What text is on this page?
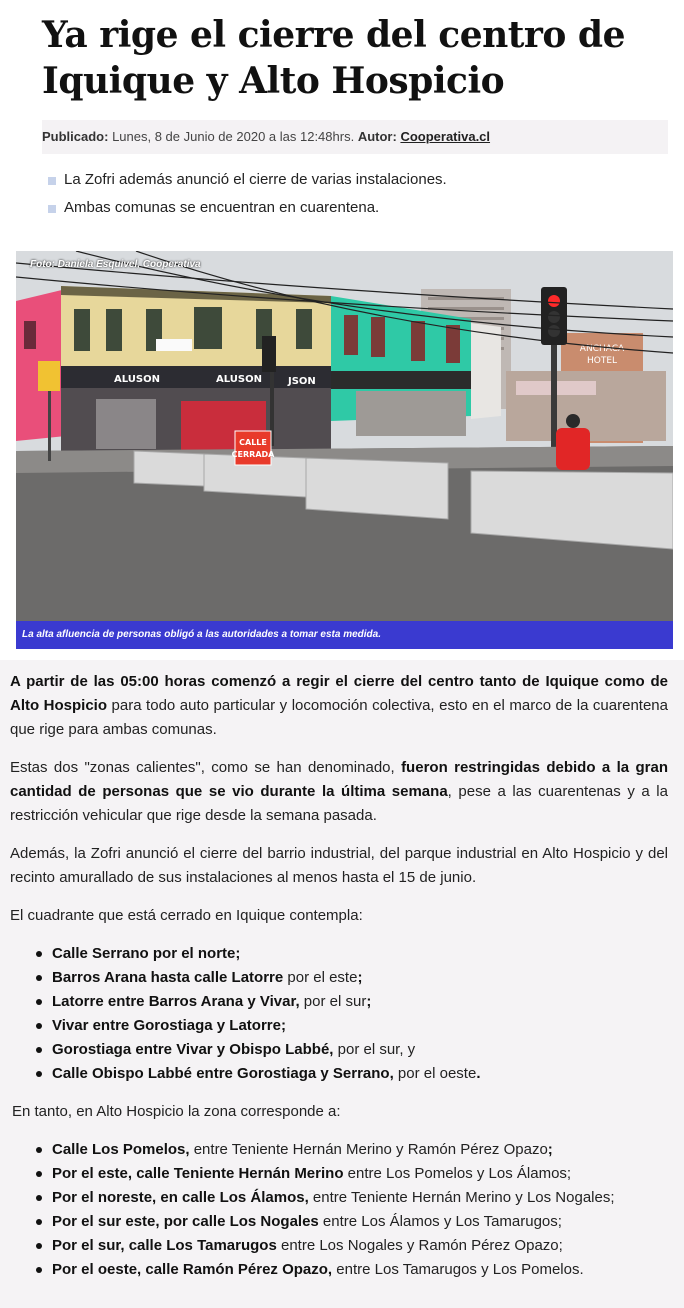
Ya rige el cierre del centro de Iquique y Alto Hospicio
Publicado: Lunes, 8 de Junio de 2020 a las 12:48hrs. Autor: Cooperativa.cl
La Zofri además anunció el cierre de varias instalaciones.
Ambas comunas se encuentran en cuarentena.
ANCHACA
HOTEL
ALUSON	ALUSON	JSON
CALLE
CERRADA
Foto: Daniela Esquivel, Cooperativa
La alta afluencia de personas obligó a las autoridades a tomar esta medida.

A partir de las 05:00 horas comenzó a regir el cierre del centro tanto de Iquique como de Alto Hospicio para todo auto particular y locomoción colectiva, esto en el marco de la cuarentena que rige para ambas comunas.

Estas dos "zonas calientes", como se han denominado, fueron restringidas debido a la gran cantidad de personas que se vio durante la última semana, pese a las cuarentenas y a la restricción vehicular que rige desde la semana pasada.

Además, la Zofri anunció el cierre del barrio industrial, del parque industrial en Alto Hospicio y del recinto amurallado de sus instalaciones al menos hasta el 15 de junio.

El cuadrante que está cerrado en Iquique contempla:

Calle Serrano por el norte;
Barros Arana hasta calle Latorre por el este;
Latorre entre Barros Arana y Vivar, por el sur;
Vivar entre Gorostiaga y Latorre;
Gorostiaga entre Vivar y Obispo Labbé, por el sur, y
Calle Obispo Labbé entre Gorostiaga y Serrano, por el oeste.

En tanto, en Alto Hospicio la zona corresponde a:

Calle Los Pomelos, entre Teniente Hernán Merino y Ramón Pérez Opazo;
Por el este, calle Teniente Hernán Merino entre Los Pomelos y Los Álamos;
Por el noreste, en calle Los Álamos, entre Teniente Hernán Merino y Los Nogales;
Por el sur este, por calle Los Nogales entre Los Álamos y Los Tamarugos;
Por el sur, calle Los Tamarugos entre Los Nogales y Ramón Pérez Opazo;
Por el oeste, calle Ramón Pérez Opazo, entre Los Tamarugos y Los Pomelos.
